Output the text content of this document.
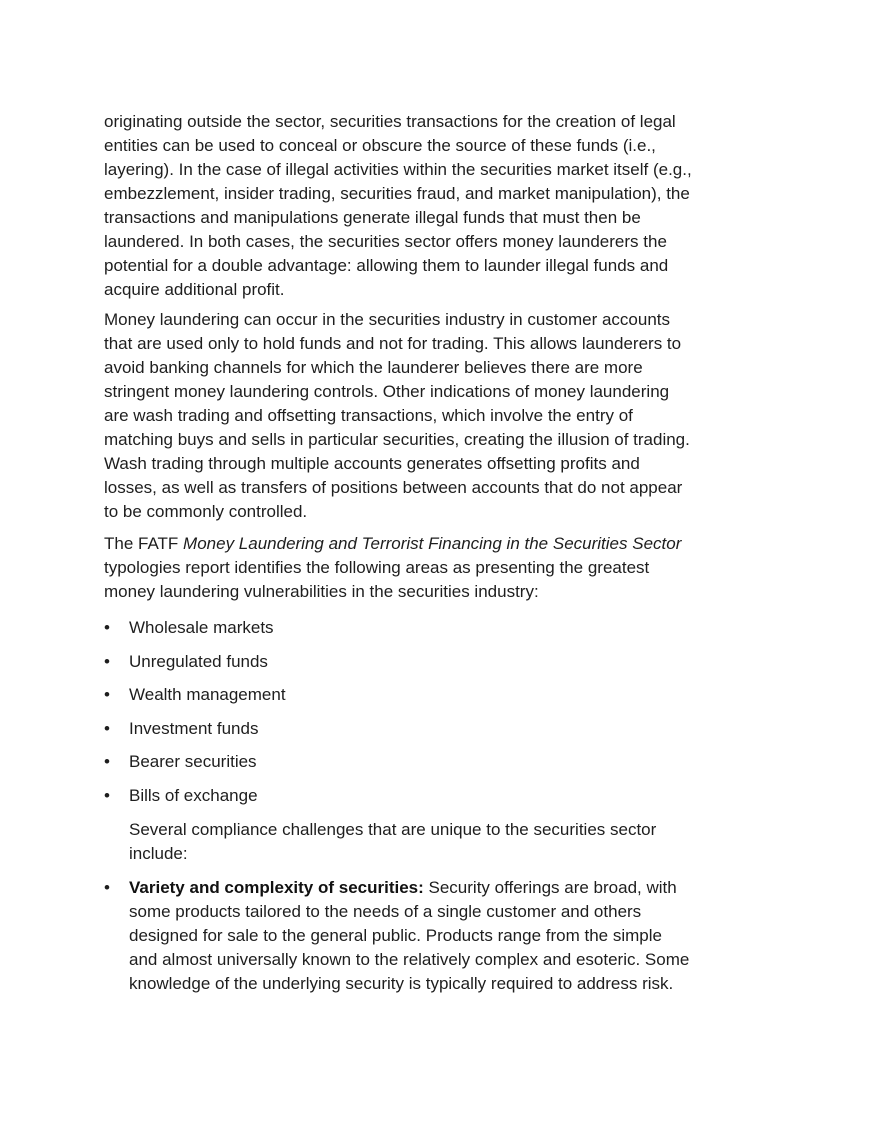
originating outside the sector, securities transactions for the creation of legal
entities can be used to conceal or obscure the source of these funds (i.e.,
layering). In the case of illegal activities within the securities market itself (e.g.,
embezzlement, insider trading, securities fraud, and market manipulation), the
transactions and manipulations generate illegal funds that must then be
laundered. In both cases, the securities sector offers money launderers the
potential for a double advantage: allowing them to launder illegal funds and
acquire additional profit.
Money laundering can occur in the securities industry in customer accounts
that are used only to hold funds and not for trading. This allows launderers to
avoid banking channels for which the launderer believes there are more
stringent money laundering controls. Other indications of money laundering
are wash trading and offsetting transactions, which involve the entry of
matching buys and sells in particular securities, creating the illusion of trading.
Wash trading through multiple accounts generates offsetting profits and
losses, as well as transfers of positions between accounts that do not appear
to be commonly controlled.
The FATF Money Laundering and Terrorist Financing in the Securities Sector
typologies report identifies the following areas as presenting the greatest
money laundering vulnerabilities in the securities industry:
•	Wholesale markets
•	Unregulated funds
•	Wealth management
•	Investment funds
•	Bearer securities
•	Bills of exchange
Several compliance challenges that are unique to the securities sector
include:
•	Variety and complexity of securities: Security offerings are broad, with
some products tailored to the needs of a single customer and others
designed for sale to the general public. Products range from the simple
and almost universally known to the relatively complex and esoteric. Some
knowledge of the underlying security is typically required to address risk.
